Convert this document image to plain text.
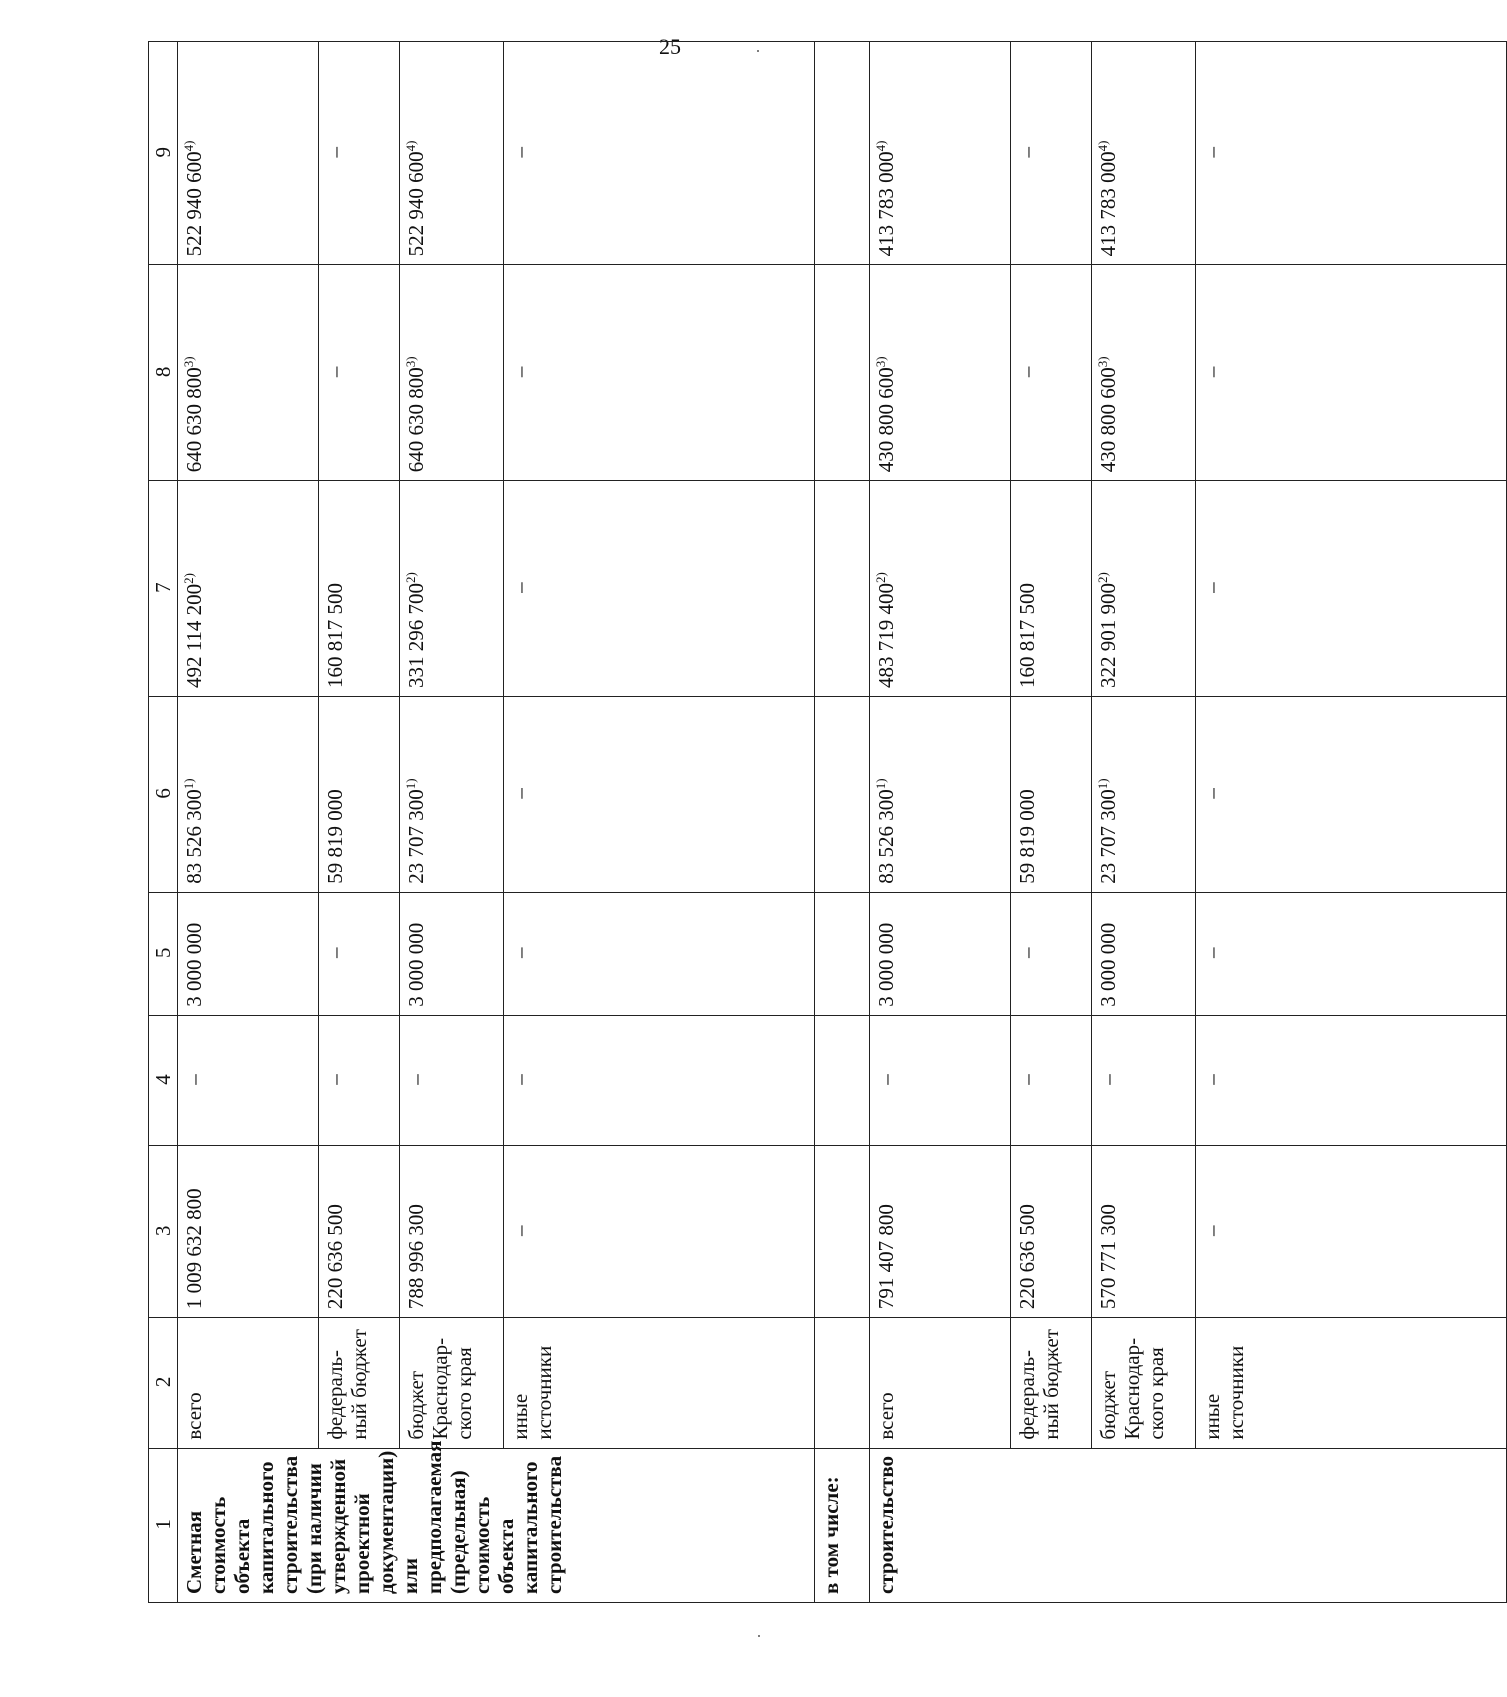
25
1	2	3	4	5	6	7	8	9
Сметная стоимость объекта капитального строительства (при наличии утвержденной проектной документации) или предполагаемая (предельная) стоимость объекта капитального строительства	всего	1 009 632 800	–	3 000 000	83 526 300$^{1)}$	492 114 200$^{2)}$	640 630 800$^{3)}$	522 940 600$^{4)}$
	федераль-ный бюджет	220 636 500	–	–	59 819 000	160 817 500	–	–
	бюджет Краснодар-ского края	788 996 300	–	3 000 000	23 707 300$^{1)}$	331 296 700$^{2)}$	640 630 800$^{3)}$	522 940 600$^{4)}$
	иные источники	–	–	–	–	–	–	–
в том числе:								
строительство	всего	791 407 800	–	3 000 000	83 526 300$^{1)}$	483 719 400$^{2)}$	430 800 600$^{3)}$	413 783 000$^{4)}$
	федераль-ный бюджет	220 636 500	–	–	59 819 000	160 817 500	–	–
	бюджет Краснодар-ского края	570 771 300	–	3 000 000	23 707 300$^{1)}$	322 901 900$^{2)}$	430 800 600$^{3)}$	413 783 000$^{4)}$
	иные источники	–	–	–	–	–	–	–
